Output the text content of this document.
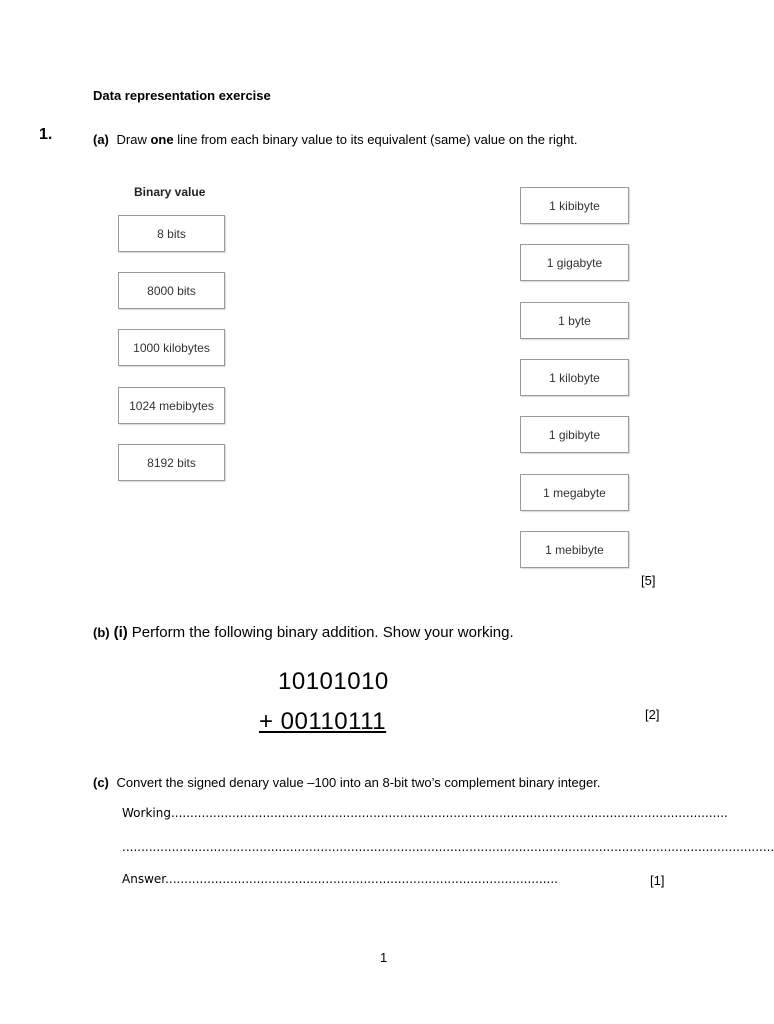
Data representation exercise
1.	(a) Draw one line from each binary value to its equivalent (same) value on the right.
Binary value
8 bits
8000 bits
1000 kilobytes
1024 mebibytes
8192 bits
1 kibibyte
1 gigabyte
1 byte
1 kilobyte
1 gibibyte
1 megabyte
1 mebibyte
[5]
(b) (i) Perform the following binary addition. Show your working.
10101010
+ 00110111	[2]
(c) Convert the signed denary value –100 into an 8-bit two’s complement binary integer.
Working..................................................................................................................................................
...........................................................................................................................................................................
Answer.......................................................................................................	[1]
1
